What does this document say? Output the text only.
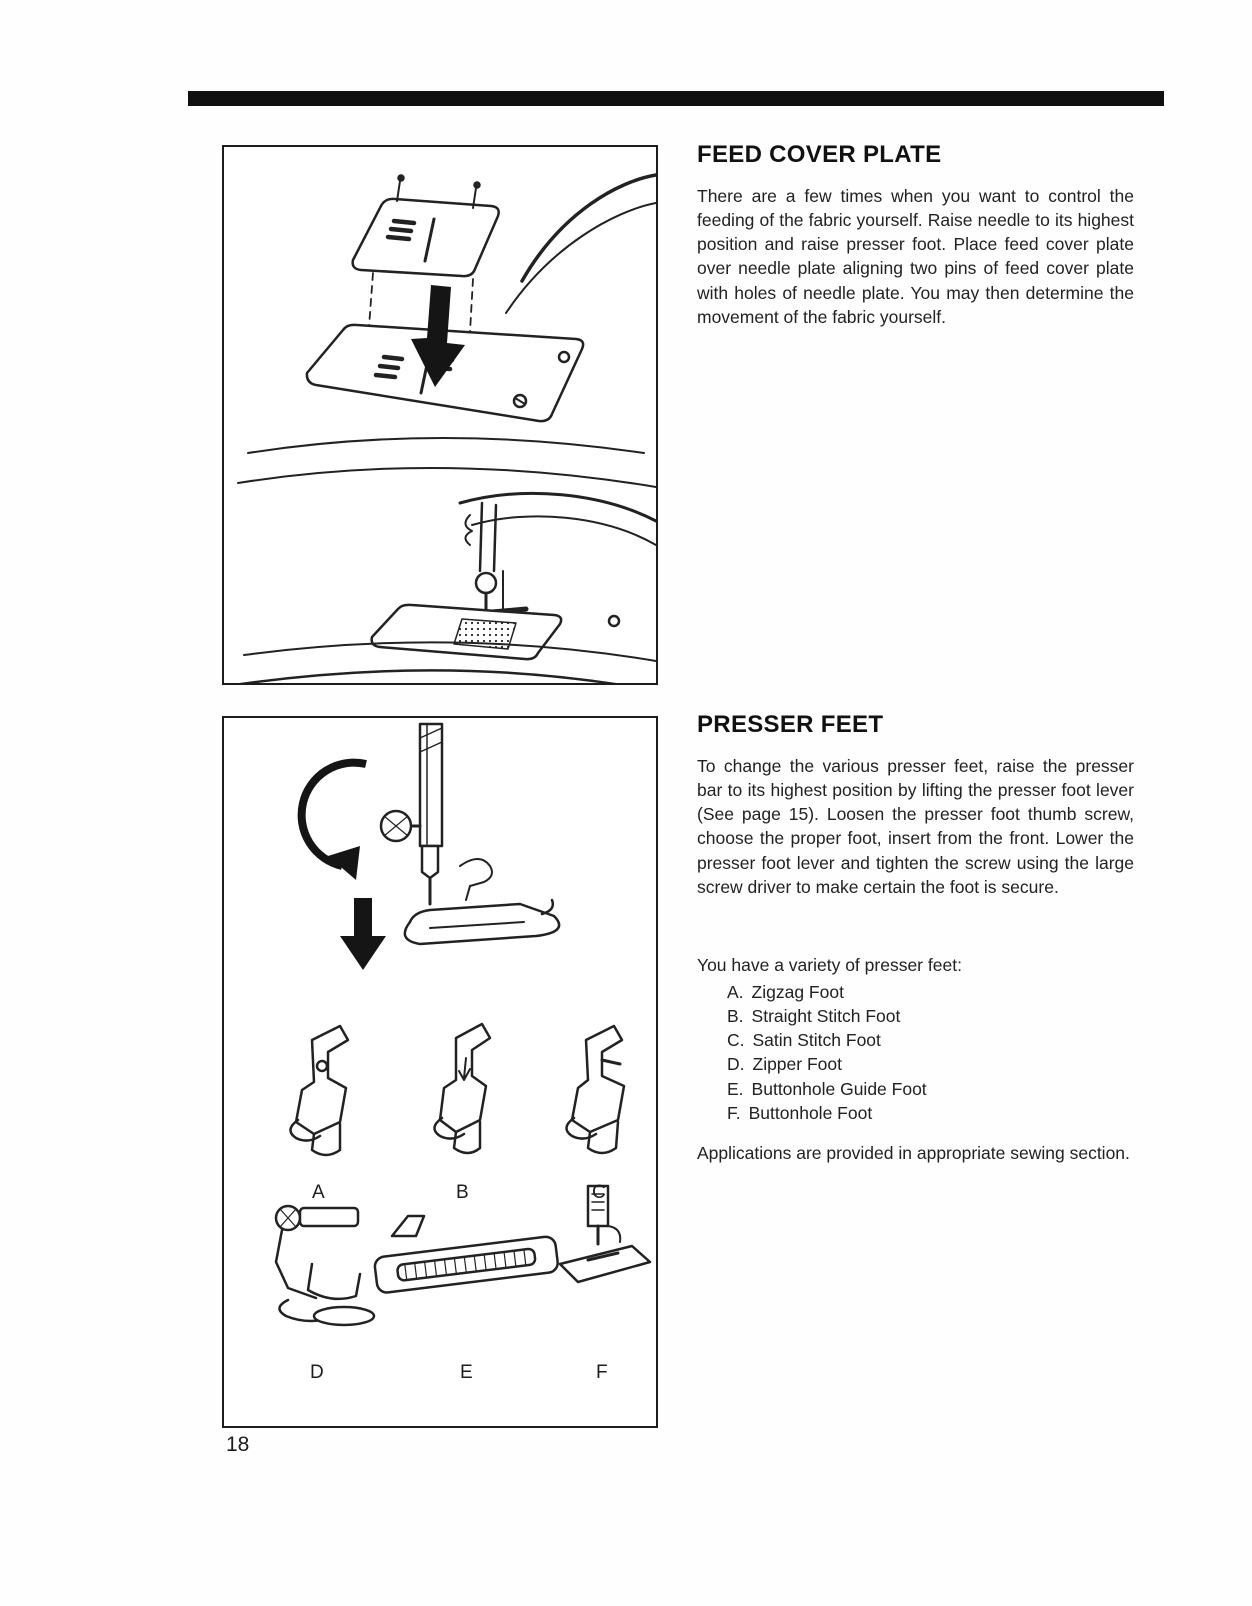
A	B	C
D	E	F
FEED COVER PLATE

There are a few times when you want to control the feeding of the fabric yourself. Raise needle to its highest position and raise presser foot. Place feed cover plate over needle plate aligning two pins of feed cover plate with holes of needle plate. You may then determine the movement of the fabric yourself.

PRESSER FEET

To change the various presser feet, raise the presser bar to its highest position by lifting the presser foot lever (See page 15). Loosen the presser foot thumb screw, choose the proper foot, insert from the front. Lower the presser foot lever and tighten the screw using the large screw driver to make certain the foot is secure.

You have a variety of presser feet:

A. Zigzag Foot
B. Straight Stitch Foot
C. Satin Stitch Foot
D. Zipper Foot
E. Buttonhole Guide Foot
F. Buttonhole Foot

Applications are provided in appropriate sewing section.

18
